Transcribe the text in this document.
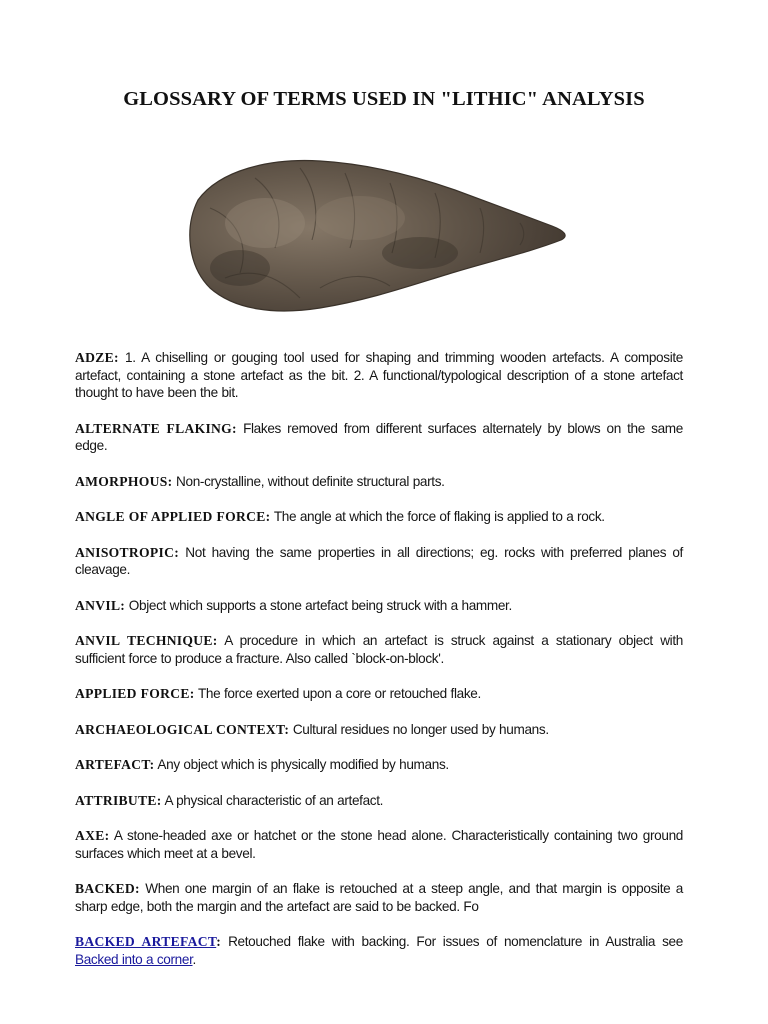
GLOSSARY OF TERMS USED IN "LITHIC" ANALYSIS

ADZE: 1. A chiselling or gouging tool used for shaping and trimming wooden artefacts. A composite artefact, containing a stone artefact as the bit. 2. A functional/typological description of a stone artefact thought to have been the bit.

ALTERNATE FLAKING: Flakes removed from different surfaces alternately by blows on the same edge.

AMORPHOUS: Non-crystalline, without definite structural parts.

ANGLE OF APPLIED FORCE: The angle at which the force of flaking is applied to a rock.

ANISOTROPIC: Not having the same properties in all directions; eg. rocks with preferred planes of cleavage.

ANVIL: Object which supports a stone artefact being struck with a hammer.

ANVIL TECHNIQUE: A procedure in which an artefact is struck against a stationary object with sufficient force to produce a fracture. Also called `block-on-block'.

APPLIED FORCE: The force exerted upon a core or retouched flake.

ARCHAEOLOGICAL CONTEXT: Cultural residues no longer used by humans.

ARTEFACT: Any object which is physically modified by humans.

ATTRIBUTE: A physical characteristic of an artefact.

AXE: A stone-headed axe or hatchet or the stone head alone. Characteristically containing two ground surfaces which meet at a bevel.

BACKED: When one margin of an flake is retouched at a steep angle, and that margin is opposite a sharp edge, both the margin and the artefact are said to be backed. Fo

BACKED ARTEFACT: Retouched flake with backing. For issues of nomenclature in Australia see Backed into a corner.
